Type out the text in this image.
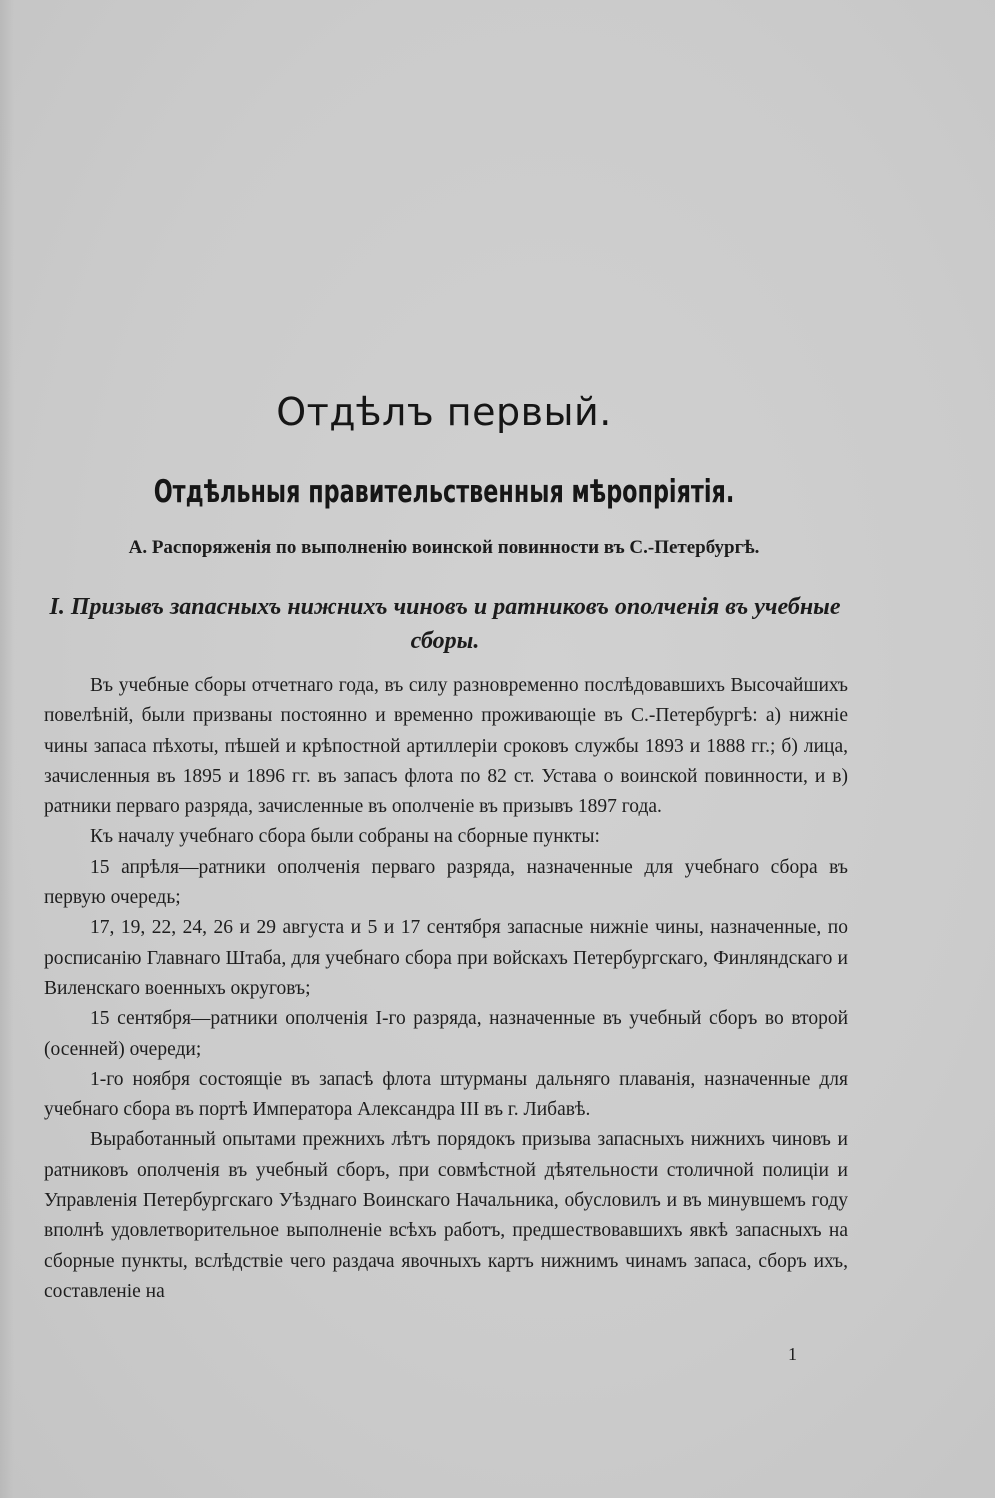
Отдѣлъ первый.
Отдѣльныя правительственныя мѣропріятія.
А. Распоряженія по выполненію воинской повинности въ С.-Петербургѣ.
I. Призывъ запасныхъ нижнихъ чиновъ и ратниковъ ополченія въ учебные сборы.

Въ учебные сборы отчетнаго года, въ силу разновременно послѣдовавшихъ Высочайшихъ повелѣній, были призваны постоянно и временно проживающіе въ С.-Петербургѣ: а) нижніе чины запаса пѣхоты, пѣшей и крѣпостной артиллеріи сроковъ службы 1893 и 1888 гг.; б) лица, зачисленныя въ 1895 и 1896 гг. въ запасъ флота по 82 ст. Устава о воинской повинности, и в) ратники перваго разряда, зачисленные въ ополченіе въ призывъ 1897 года.

Къ началу учебнаго сбора были собраны на сборные пункты:

15 апрѣля—ратники ополченія перваго разряда, назначенные для учебнаго сбора въ первую очередь;

17, 19, 22, 24, 26 и 29 августа и 5 и 17 сентября запасные нижніе чины, назначенные, по росписанію Главнаго Штаба, для учебнаго сбора при войскахъ Петербургскаго, Финляндскаго и Виленскаго военныхъ округовъ;

15 сентября—ратники ополченія I-го разряда, назначенные въ учебный сборъ во второй (осенней) очереди;

1-го ноября состоящіе въ запасѣ флота штурманы дальняго плаванія, назначенные для учебнаго сбора въ портѣ Императора Александра III въ г. Либавѣ.

Выработанный опытами прежнихъ лѣтъ порядокъ призыва запасныхъ нижнихъ чиновъ и ратниковъ ополченія въ учебный сборъ, при совмѣстной дѣятельности столичной полиціи и Управленія Петербургскаго Уѣзднаго Воинскаго Начальника, обусловилъ и въ минувшемъ году вполнѣ удовлетворительное выполненіе всѣхъ работъ, предшествовавшихъ явкѣ запасныхъ на сборные пункты, вслѣдствіе чего раздача явочныхъ картъ нижнимъ чинамъ запаса, сборъ ихъ, составленіе на

1
